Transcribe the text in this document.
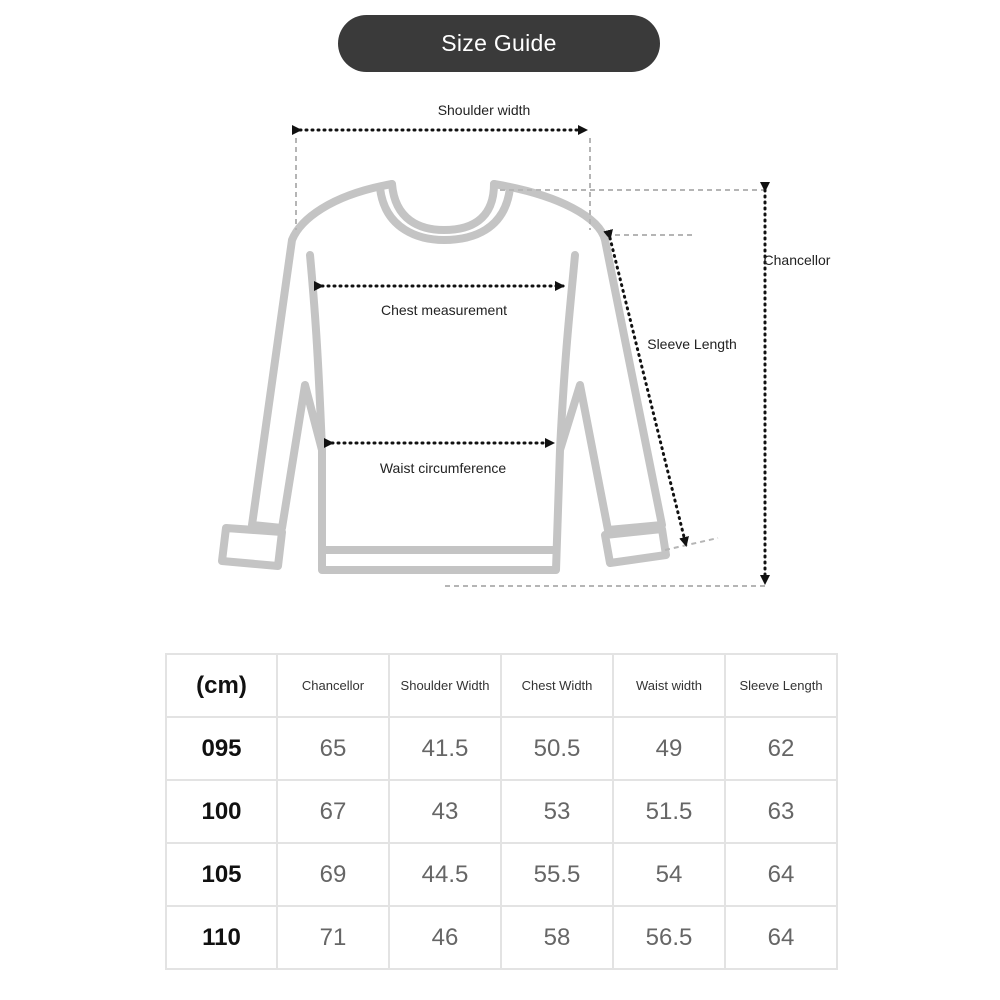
Size Guide
Shoulder width
Chest measurement
Waist circumference
Sleeve Length
Chancellor
(cm)	Chancellor	Shoulder Width	Chest Width	Waist width	Sleeve Length
095	65	41.5	50.5	49	62
100	67	43	53	51.5	63
105	69	44.5	55.5	54	64
110	71	46	58	56.5	64
